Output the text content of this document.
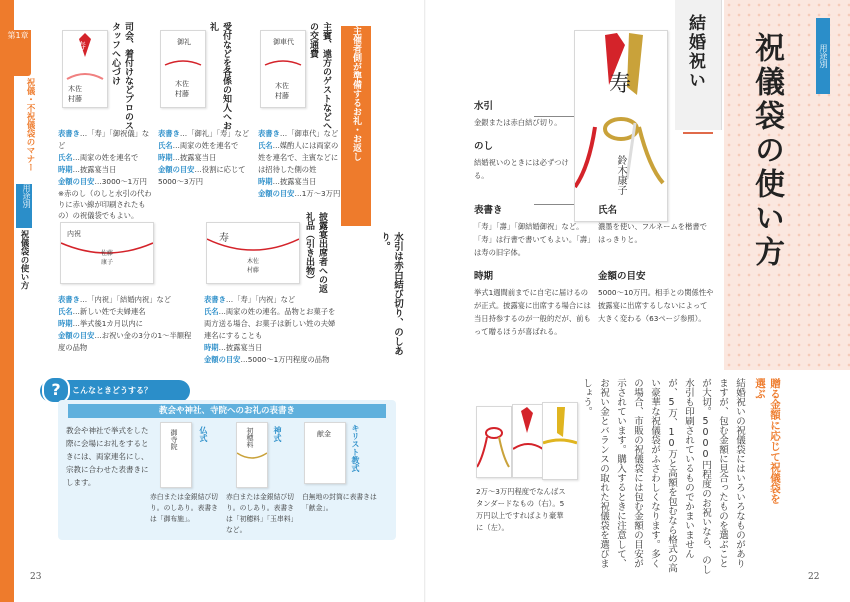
第1章
祝儀・不祝儀袋のマナー
用途別
祝儀袋の使い方
寿
木佐
村藤	司会、着付けなどプロのスタッフへ心づけ	御礼
木佐
村藤	受付などを各係の知人へお礼
御車代
木佐
村藤	主賓、遠方のゲストなどへの交通費	主催者側が準備するお礼・お返し
水引は赤白結び切り、のしあり。
表書き…「寿」「御祝儀」など
氏名…両家の姓を連名で
時期…披露宴当日
金額の目安…3000～1万円
※赤のし（のしと水引の代わりに赤い線が印刷されたもの）の祝儀袋でもよい。
表書き…「御礼」「寿」など
氏名…両家の姓を連名で
時期…披露宴当日
金額の目安…役割に応じて5000～3万円
表書き…「御車代」など
氏名…媒酌人には両家の姓を連名で、主賓などには招待した側の姓
時期…披露宴当日
金額の目安…1万～3万円
内祝
佐藤
康子
寿
木佐
村藤	披露宴出席者への返礼品（引き出物）
表書き…「内祝」「結婚内祝」など
氏名…新しい姓で夫婦連名
時期…挙式後1カ月以内に
金額の目安…お祝い金の3分の1～半額程度の品物
表書き…「寿」「内祝」など
氏名…両家の姓の連名。品物とお菓子を両方送る場合、お菓子は新しい姓の夫婦連名にすることも
時期…披露宴当日
金額の目安…5000～1万円程度の品物
?	こんなときどうする？
教会や神社、寺院へのお礼の表書き
教会や神社で挙式をした際に会場にお礼をするときには、両家連名にし、宗教に合わせた表書きにします。
御寺院	仏式
赤白または金銀結び切り。のしあり。表書きは「御布施」。
初穂料 神式
赤白または金銀結び切り。のしあり。表書きは「初穂料」「玉串料」など。
献金	キリスト教式
白無地の封筒に表書きは「献金」。
23
用途別
祝儀袋の使い方
結婚祝い
寿
鈴木康子
水引
金銀または赤白結び切り。
のし
結婚祝いのときには必ずつける。
表書き
「寿」「壽」「御結婚御祝」など。「寿」は行書で書いてもよい。「壽」は寿の旧字体。
氏名
濃墨を使い、フルネームを楷書ではっきりと。
時期
挙式1週間前までに自宅に届けるのが正式。披露宴に出席する場合には当日持参するのが一般的だが、前もって贈るほうが喜ばれる。
金額の目安
5000～10万円。相手との関係性や披露宴に出席するしないによって大きく変わる（63ページ参照）。
2万～3万円程度でなんばスタンダードなもの（右）。5万円以上ですればより豪華に（左）。
贈る金額に応じて祝儀袋を選ぶ
結婚祝いの祝儀袋にはいろいろなものがありますが、包む金額に見合ったものを選ぶことが大切。5000円程度のお祝いなら、のし水引も印刷されているものでかまいませんが、5万、10万と高額を包むなら格式の高い豪華な祝儀袋がふさわしくなります。多くの場合、市販の祝儀袋には包む金額の目安が示されています。購入するときに注意して、お祝い金とバランスの取れた祝儀袋を選びましょう。
22
